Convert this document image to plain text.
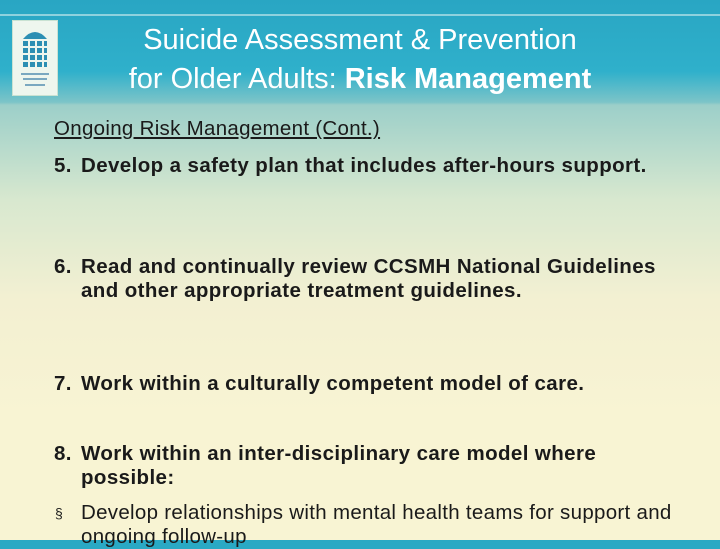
Suicide Assessment & Prevention
for Older Adults: Risk Management
Ongoing Risk Management (Cont.)
5. Develop a safety plan that includes after-hours support.
6. Read and continually review CCSMH National Guidelines and other appropriate treatment guidelines.
7. Work within a culturally competent model of care.
8. Work within an inter-disciplinary care model where possible:
§ Develop relationships with mental health teams for support and ongoing follow-up
